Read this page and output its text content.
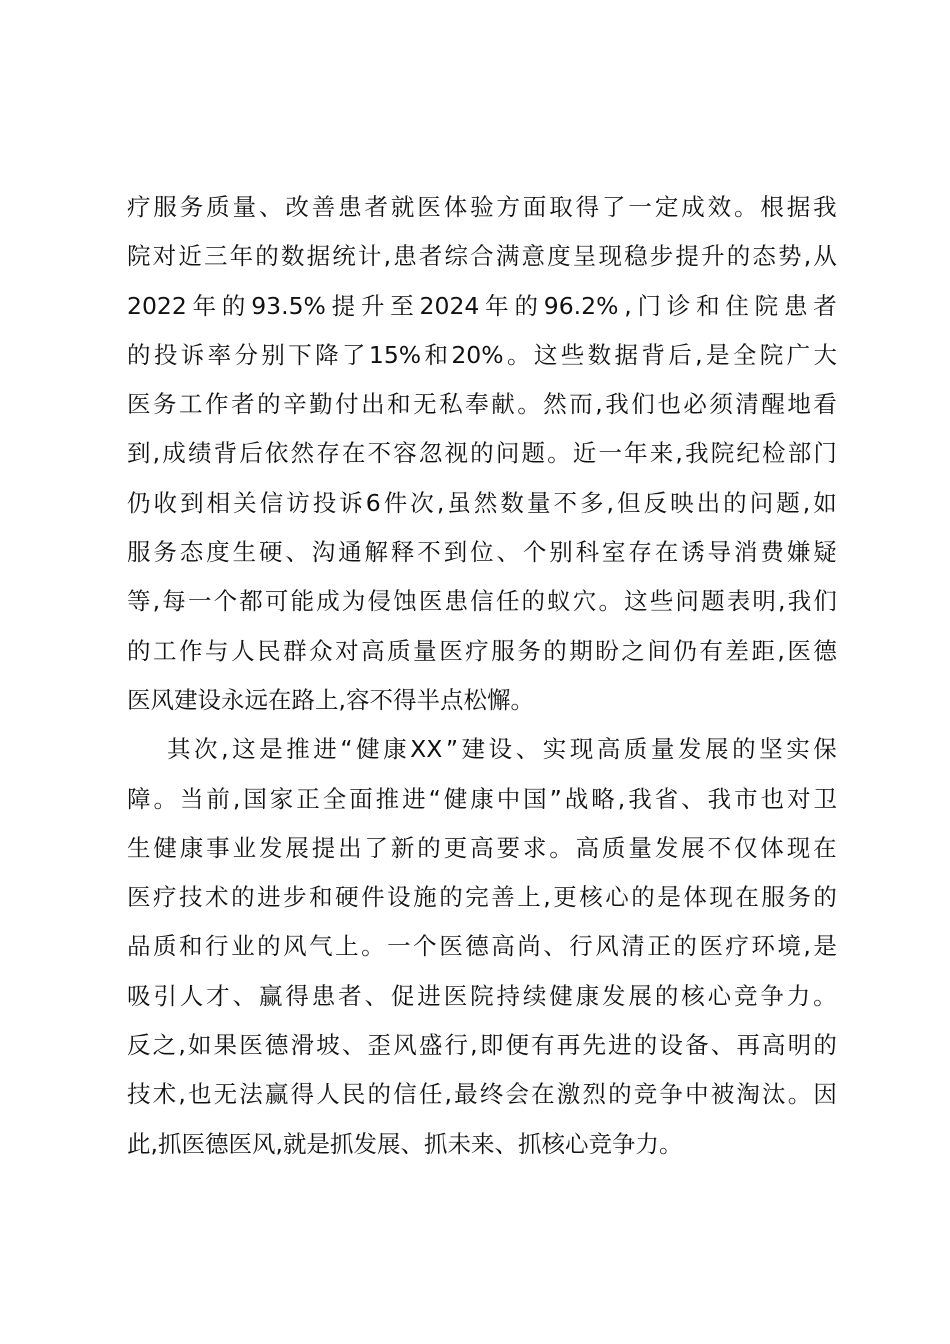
疗 服 务 质 量 、 改 善 患 者 就 医 体 验 方 面 取 得 了 一 定 成 效 。 根 据 我
院 对 近 三 年 的 数 据 统 计 , 患 者 综 合 满 意 度 呈 现 稳 步 提 升 的 态 势 , 从
2022 年 的 93.5% 提 升 至 2024 年 的 96.2% , 门 诊 和 住 院 患 者
的 投 诉 率 分 别 下 降 了 15% 和 20% 。 这 些 数 据 背 后 , 是 全 院 广 大
医 务 工 作 者 的 辛 勤 付 出 和 无 私 奉 献 。 然 而 , 我 们 也 必 须 清 醒 地 看
到 , 成 绩 背 后 依 然 存 在 不 容 忽 视 的 问 题 。 近 一 年 来 , 我 院 纪 检 部 门
仍 收 到 相 关 信 访 投 诉 6 件 次 , 虽 然 数 量 不 多 , 但 反 映 出 的 问 题 , 如
服 务 态 度 生 硬 、 沟 通 解 释 不 到 位 、 个 别 科 室 存 在 诱 导 消 费 嫌 疑
等 , 每 一 个 都 可 能 成 为 侵 蚀 医 患 信 任 的 蚁 穴 。 这 些 问 题 表 明 , 我 们
的 工 作 与 人 民 群 众 对 高 质 量 医 疗 服 务 的 期 盼 之 间 仍 有 差 距 , 医 德
医 风 建 设 永 远 在 路 上 , 容 不 得 半 点 松 懈 。
其 次 , 这 是 推 进 “ 健 康 XX ” 建 设 、 实 现 高 质 量 发 展 的 坚 实 保
障 。 当 前 , 国 家 正 全 面 推 进 “ 健 康 中 国 ” 战 略 , 我 省 、 我 市 也 对 卫
生 健 康 事 业 发 展 提 出 了 新 的 更 高 要 求 。 高 质 量 发 展 不 仅 体 现 在
医 疗 技 术 的 进 步 和 硬 件 设 施 的 完 善 上 , 更 核 心 的 是 体 现 在 服 务 的
品 质 和 行 业 的 风 气 上 。 一 个 医 德 高 尚 、 行 风 清 正 的 医 疗 环 境 , 是
吸 引 人 才 、 赢 得 患 者 、 促 进 医 院 持 续 健 康 发 展 的 核 心 竞 争 力 。
反 之 , 如 果 医 德 滑 坡 、 歪 风 盛 行 , 即 便 有 再 先 进 的 设 备 、 再 高 明 的
技 术 , 也 无 法 赢 得 人 民 的 信 任 , 最 终 会 在 激 烈 的 竞 争 中 被 淘 汰 。 因
此 , 抓 医 德 医 风 , 就 是 抓 发 展 、 抓 未 来 、 抓 核 心 竞 争 力 。
